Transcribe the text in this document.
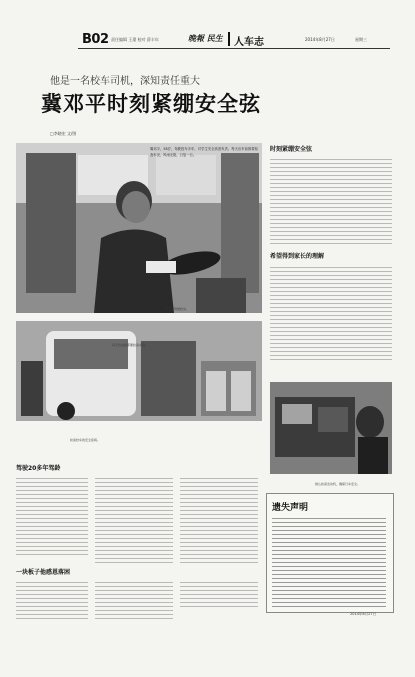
B02 责任编辑 王璟 校对 薛丰年	晚報 民生 人车志	2014年8月27日	星期三
他是一名校车司机，深知责任重大
冀邓平时刻紧绷安全弦
□李晓宏 文/图
冀邓平驾驶校车。
冀邓平，58岁，驾驶校车多年，对学生安全高度负责。每天出车前都要检查车况，风雨无阻，日复一日。
时刻紧绷安全弦
希望得到家长的理解
每天出发前都要检查车况。
检查校车的安全座椅。
细心检查发动机，确保行车安全。
驾驶20多年驾龄
一块板子他感恩落困
遗失声明
2014年8月27日
